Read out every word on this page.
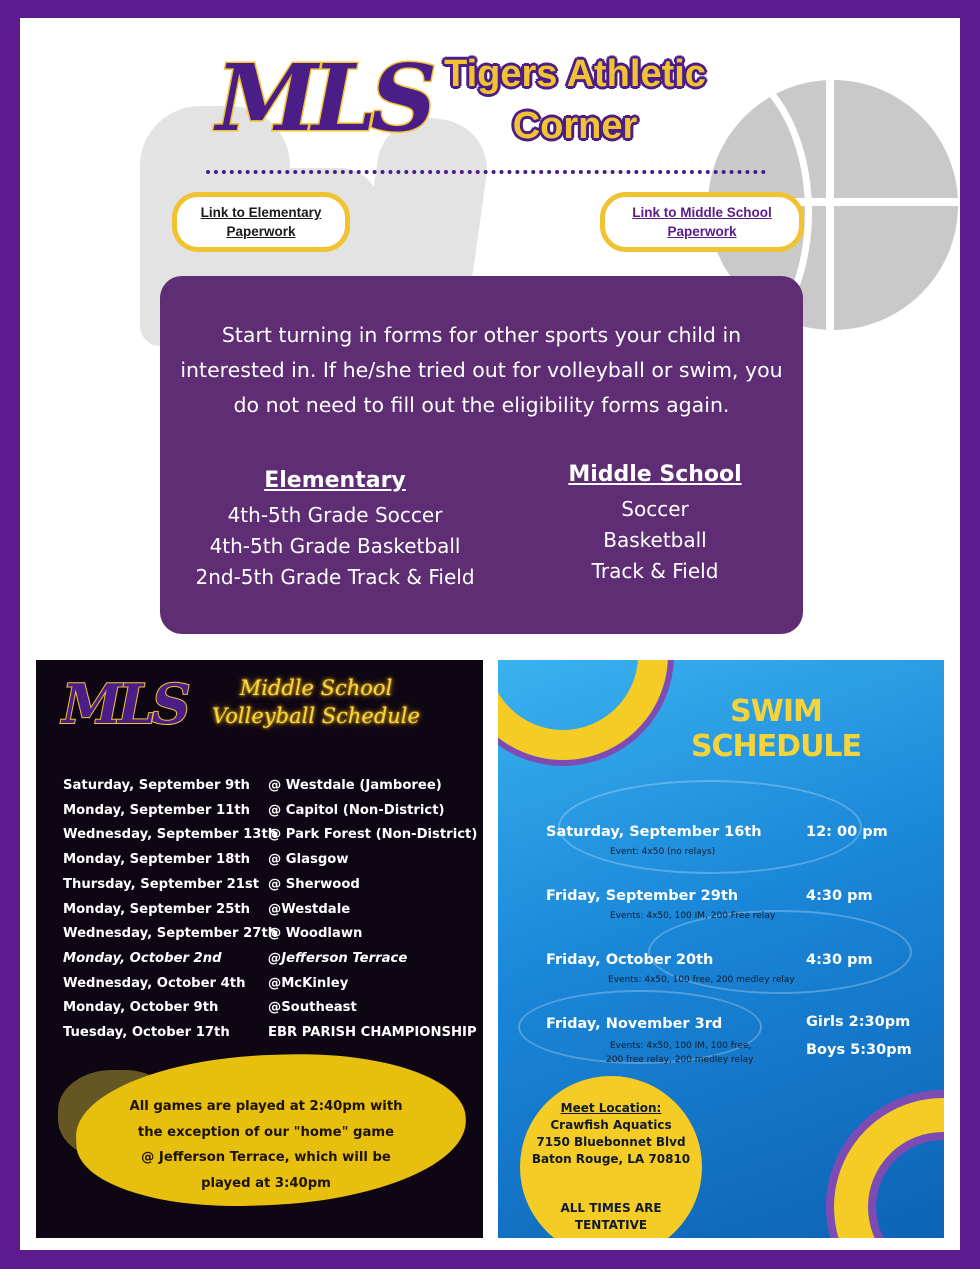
MLS Tigers Athletic
Corner
Link to Elementary Paperwork
Link to Middle School Paperwork
Start turning in forms for other sports your child in interested in. If he/she tried out for volleyball or swim, you do not need to fill out the eligibility forms again.
Elementary
4th-5th Grade Soccer
4th-5th Grade Basketball
2nd-5th Grade Track & Field
Middle School
Soccer
Basketball
Track & Field
MLS	Middle School
Volleyball Schedule
Saturday, September 9th @ Westdale (Jamboree)
Monday, September 11th @ Capitol (Non-District)
Wednesday, September 13th
@ Park Forest (Non-District)
Monday, September 18th @ Glasgow
Thursday, September 21st @ Sherwood
Monday, September 25th @Westdale
Wednesday, September 27th
@ Woodlawn
Monday, October 2nd	@Jefferson Terrace
Wednesday, October 4th @McKinley
Monday, October 9th	@Southeast
Tuesday, October 17th	EBR PARISH CHAMPIONSHIP
All games are played at 2:40pm with
the exception of our "home" game
@ Jefferson Terrace, which will be
played at 3:40pm
SWIM SCHEDULE
Saturday, September 16th	12: 00 pm
Event: 4x50 (no relays)
Friday, September 29th	4:30 pm
Events: 4x50, 100 IM, 200 Free relay
Friday, October 20th	4:30 pm
Events: 4x50, 100 free, 200 medley relay
Friday, November 3rd	Girls 2:30pm
Boys 5:30pm
Events: 4x50, 100 IM, 100 free,
200 free relay, 200 medley relay
Meet Location:
Crawfish Aquatics
7150 Bluebonnet Blvd
Baton Rouge, LA 70810
ALL TIMES ARE
TENTATIVE
